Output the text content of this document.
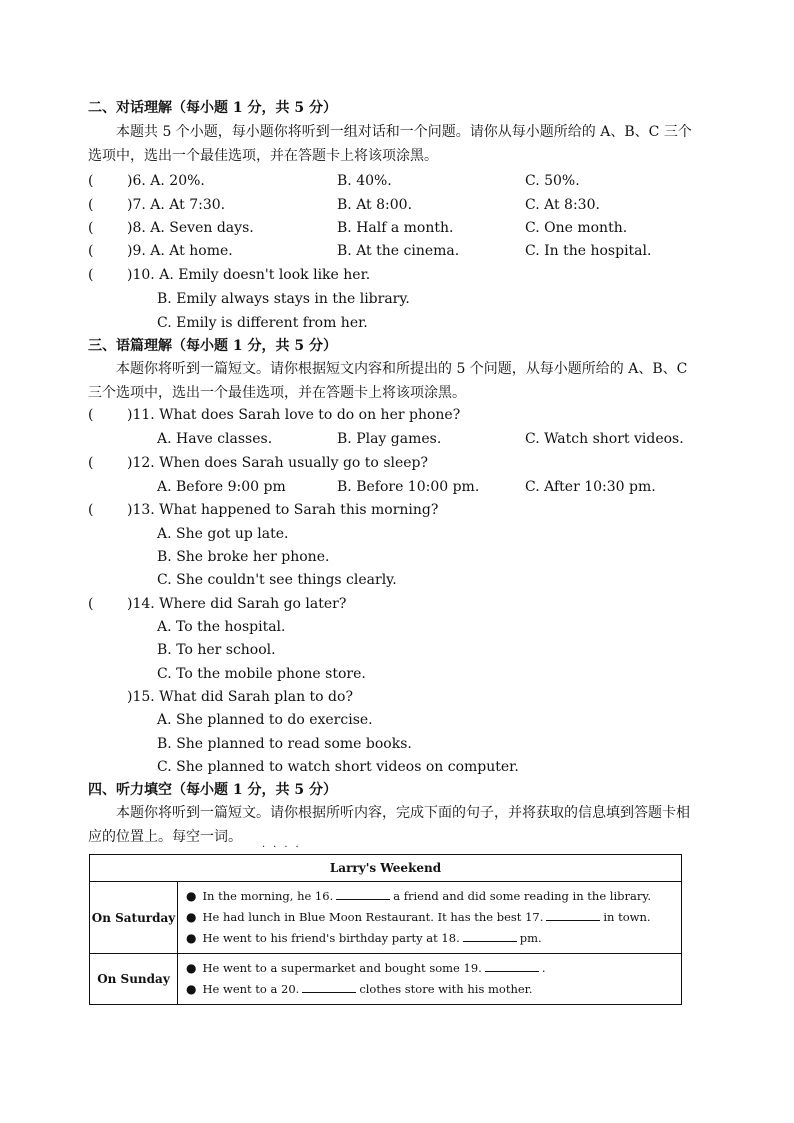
二、对话理解（每小题 1 分，共 5 分）
本题共 5 个小题，每小题你将听到一组对话和一个问题。请你从每小题所给的 A、B、C 三个选项中，选出一个最佳选项，并在答题卡上将该项涂黑。
( )6. A. 20%.	B. 40%.	C. 50%.
( )7. A. At 7:30.	B. At 8:00.	C. At 8:30.
( )8. A. Seven days.	B. Half a month.	C. One month.
( )9. A. At home.	B. At the cinema.	C. In the hospital.
( )10. A. Emily doesn't look like her.
B. Emily always stays in the library.
C. Emily is different from her.
三、语篇理解（每小题 1 分，共 5 分）
本题你将听到一篇短文。请你根据短文内容和所提出的 5 个问题，从每小题所给的 A、B、C 三个选项中，选出一个最佳选项，并在答题卡上将该项涂黑。
( )11. What does Sarah love to do on her phone?
A. Have classes.	B. Play games.	C. Watch short videos.
( )12. When does Sarah usually go to sleep?
A. Before 9:00 pm	B. Before 10:00 pm.	C. After 10:30 pm.
( )13. What happened to Sarah this morning?
A. She got up late.
B. She broke her phone.
C. She couldn't see things clearly.
( )14. Where did Sarah go later?
A. To the hospital.
B. To her school.
C. To the mobile phone store.
)15. What did Sarah plan to do?
A. She planned to do exercise.
B. She planned to read some books.
C. She planned to watch short videos on computer.
四、听力填空（每小题 1 分，共 5 分）
本题你将听到一篇短文。请你根据所听内容，完成下面的句子，并将获取的信息填到答题卡相应的位置上。每空一词。
····
Larry's Weekend	
On Saturday	● In the morning, he 16. a friend and did some reading in the library.
● He had lunch in Blue Moon Restaurant. It has the best 17. in town.
● He went to his friend's birthday party at 18. pm.

On Sunday	● He went to a supermarket and bought some 19. .
● He went to a 20. clothes store with his mother.
